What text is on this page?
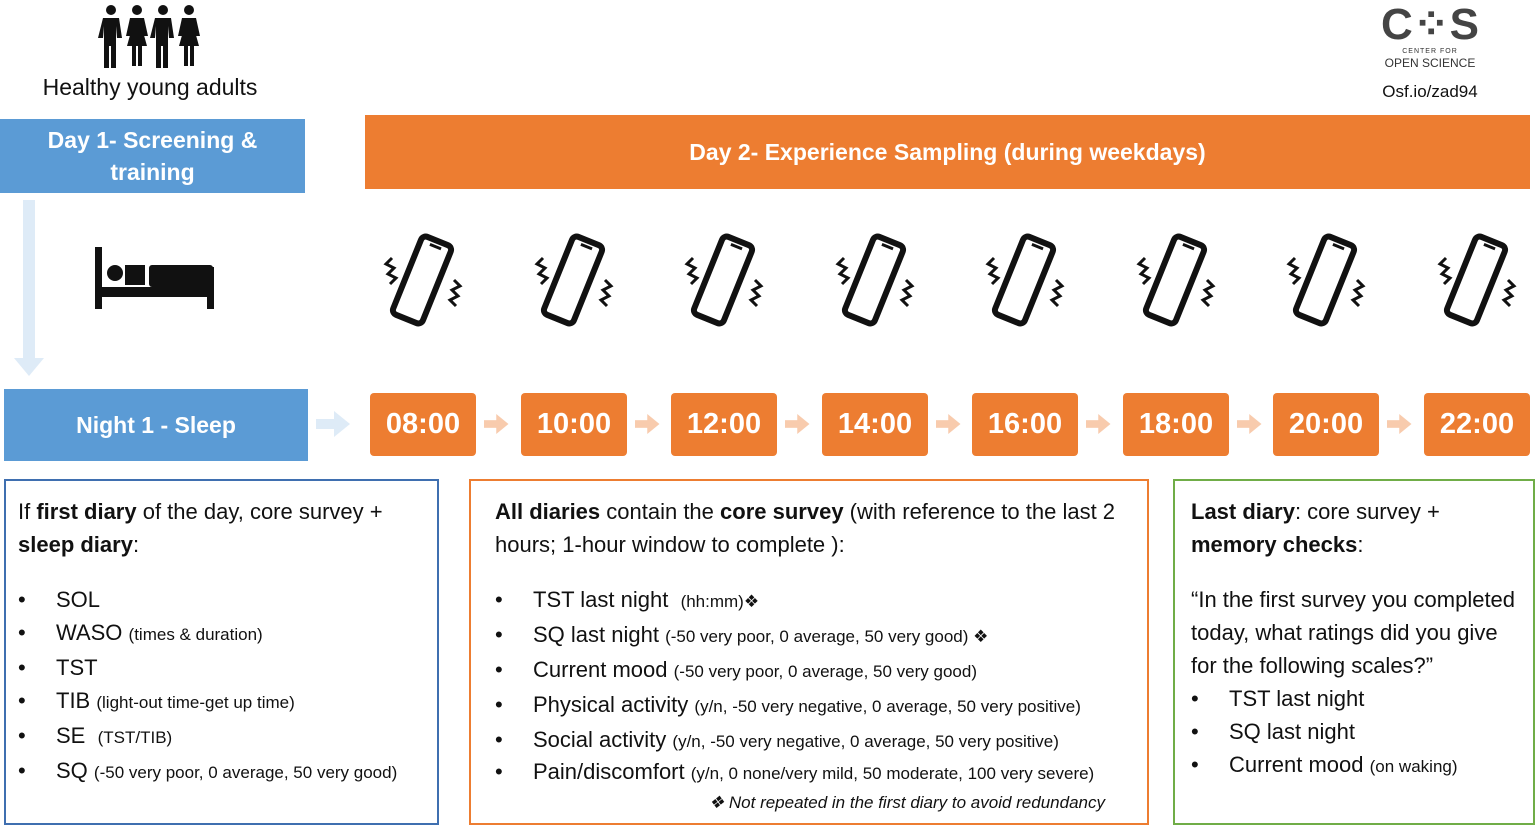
Healthy young adults
C⁘S
CENTER FOR
OPEN SCIENCE
Osf.io/zad94
Day 1- Screening & training
Day 2- Experience Sampling (during weekdays)
Night 1 - Sleep	08:00	10:00	12:00	14:00	16:00	18:00	20:00	22:00

If first diary of the day, core survey +
sleep diary:

• SOL
• WASO (times & duration)
• TST
• TIB (light-out time-get up time)
• SE (TST/TIB)
• SQ (-50 very poor, 0 average, 50 very good)

All diaries contain the core survey (with reference to the last 2 hours; 1-hour window to complete ):

• TST last night (hh:mm)❖
• SQ last night (-50 very poor, 0 average, 50 very good) ❖
• Current mood (-50 very poor, 0 average, 50 very good)
• Physical activity (y/n, -50 very negative, 0 average, 50 very positive)
• Social activity (y/n, -50 very negative, 0 average, 50 very positive)
• Pain/discomfort (y/n, 0 none/very mild, 50 moderate, 100 very severe)
❖ Not repeated in the first diary to avoid redundancy

Last diary: core survey +
memory checks:

“In the first survey you completed today, what ratings did you give for the following scales?”

• TST last night
• SQ last night
• Current mood (on waking)
